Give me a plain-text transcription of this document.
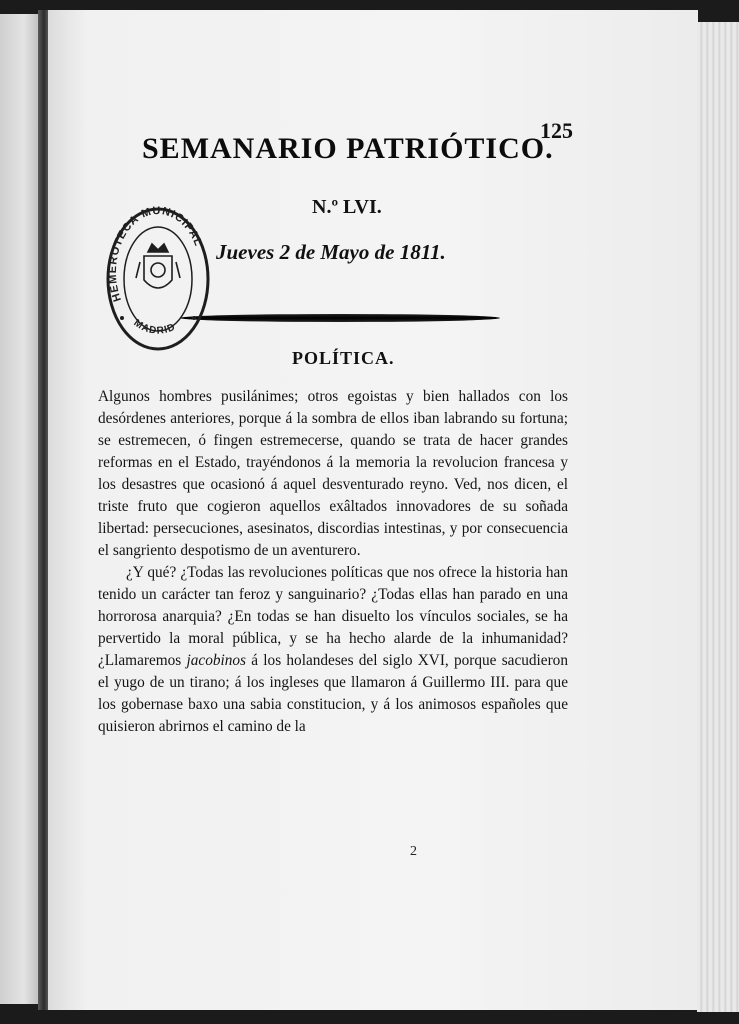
125
SEMANARIO PATRIÓTICO.
N.º LVI.
Jueves 2 de Mayo de 1811.
HEMEROTECA MUNICIPAL
MADRID
POLÍTICA.

Algunos hombres pusilánimes; otros egoistas y bien hallados con los desórdenes anteriores, porque á la sombra de ellos iban labrando su fortuna; se estremecen, ó fingen estremecerse, quando se trata de hacer grandes reformas en el Estado, trayéndonos á la memoria la revolucion francesa y los desastres que ocasionó á aquel desventurado reyno. Ved, nos dicen, el triste fruto que cogieron aquellos exâltados innovadores de su soñada libertad: persecuciones, asesinatos, discordias intestinas, y por consecuencia el sangriento despotismo de un aventurero.

¿Y qué? ¿Todas las revoluciones políticas que nos ofrece la historia han tenido un carácter tan feroz y sanguinario? ¿Todas ellas han parado en una horrorosa anarquia? ¿En todas se han disuelto los vínculos sociales, se ha pervertido la moral pública, y se ha hecho alarde de la inhumanidad? ¿Llamaremos jacobinos á los holandeses del siglo XVI, porque sacudieron el yugo de un tirano; á los ingleses que llamaron á Guillermo III. para que los gobernase baxo una sabia constitucion, y á los animosos españoles que quisieron abrirnos el camino de la

2
